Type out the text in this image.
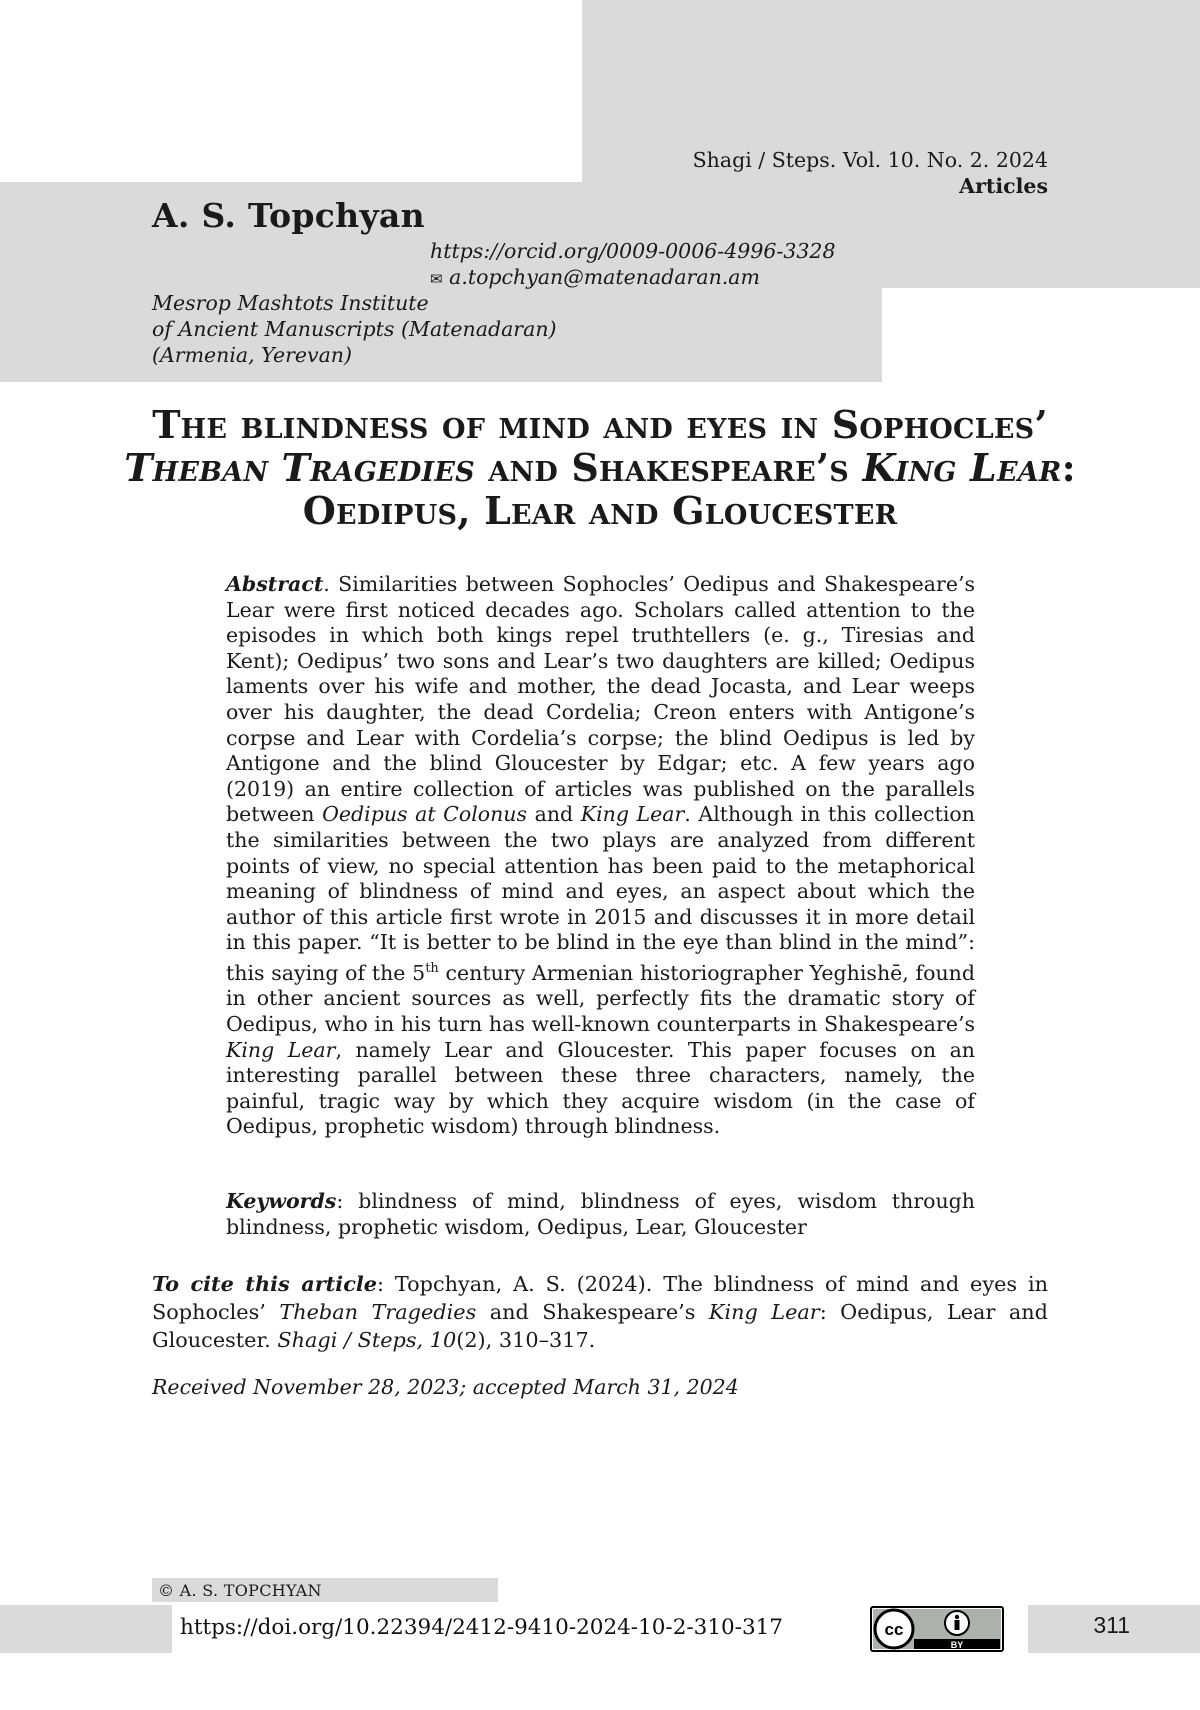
Shagi / Steps. Vol. 10. No. 2. 2024
Articles
A. S. Topchyan
https://orcid.org/0009-0006-4996-3328
✉ a.topchyan@matenadaran.am
Mesrop Mashtots Institute
of Ancient Manuscripts (Matenadaran)
(Armenia, Yerevan)
The blindness of mind and eyes in Sophocles’
Theban Tragedies and Shakespeare’s King Lear: Oedipus, Lear and Gloucester
Abstract. Similarities between Sophocles’ Oedipus and Shake­speare’s Lear were first noticed decades ago. Scholars called at­tention to the episodes in which both kings repel truthtellers (e. g., Tiresias and Kent); Oedipus’ two sons and Lear’s two daughters are killed; Oedipus laments over his wife and mother, the dead Jo­casta, and Lear weeps over his daughter, the dead Cordelia; Cre­on enters with Antigone’s corpse and Lear with Cordelia’s corpse; the blind Oedipus is led by Antigone and the blind Gloucester by Edgar; etc. A few years ago (2019) an entire collection of articles was published on the parallels between Oedipus at Colonus and King Lear. Although in this collection the similarities between the two plays are analyzed from different points of view, no special at­tention has been paid to the metaphorical meaning of blindness of mind and eyes, an aspect about which the author of this article first wrote in 2015 and discusses it in more detail in this paper. “It is better to be blind in the eye than blind in the mind”: this saying of the 5th century Armenian historiographer Yeghishē, found in other ancient sources as well, perfectly fits the dramatic story of Oedi­pus, who in his turn has well-known counterparts in Shakespeare’s King Lear, namely Lear and Gloucester. This paper focuses on an interesting parallel between these three characters, namely, the painful, tragic way by which they acquire wisdom (in the case of Oedipus, prophetic wisdom) through blindness.
Keywords: blindness of mind, blindness of eyes, wisdom through blindness, prophetic wisdom, Oedipus, Lear, Gloucester
To cite this article: Topchyan, A. S. (2024). The blindness of mind and eyes in Sophocles’ Theban Tragedies and Shakespeare’s King Lear: Oedipus, Lear and Gloucester. Shagi / Steps, 10(2), 310–317.
Received November 28, 2023; accepted March 31, 2024
© A. S. TOPCHYAN
https://doi.org/10.22394/2412-9410-2024-10-2-310-317	cc
BY
311
